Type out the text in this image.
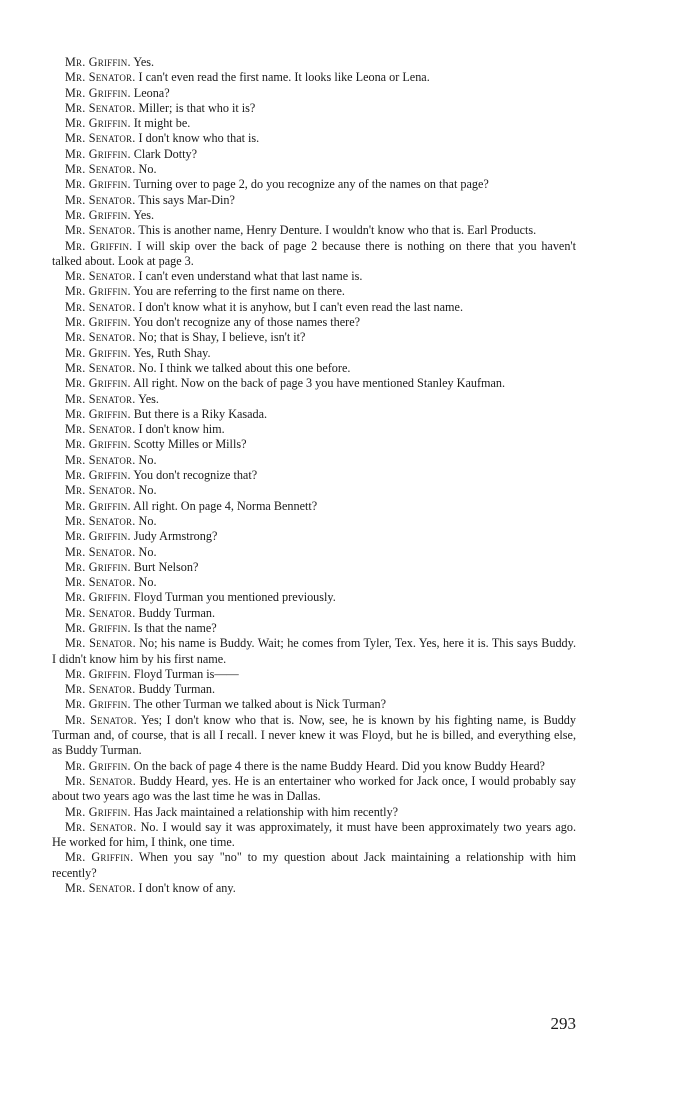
Mr. Griffin. Yes.

Mr. Senator. I can't even read the first name. It looks like Leona or Lena.

Mr. Griffin. Leona?

Mr. Senator. Miller; is that who it is?

Mr. Griffin. It might be.

Mr. Senator. I don't know who that is.

Mr. Griffin. Clark Dotty?

Mr. Senator. No.

Mr. Griffin. Turning over to page 2, do you recognize any of the names on that page?

Mr. Senator. This says Mar-Din?

Mr. Griffin. Yes.

Mr. Senator. This is another name, Henry Denture. I wouldn't know who that is. Earl Products.

Mr. Griffin. I will skip over the back of page 2 because there is nothing on there that you haven't talked about. Look at page 3.

Mr. Senator. I can't even understand what that last name is.

Mr. Griffin. You are referring to the first name on there.

Mr. Senator. I don't know what it is anyhow, but I can't even read the last name.

Mr. Griffin. You don't recognize any of those names there?

Mr. Senator. No; that is Shay, I believe, isn't it?

Mr. Griffin. Yes, Ruth Shay.

Mr. Senator. No. I think we talked about this one before.

Mr. Griffin. All right. Now on the back of page 3 you have mentioned Stanley Kaufman.

Mr. Senator. Yes.

Mr. Griffin. But there is a Riky Kasada.

Mr. Senator. I don't know him.

Mr. Griffin. Scotty Milles or Mills?

Mr. Senator. No.

Mr. Griffin. You don't recognize that?

Mr. Senator. No.

Mr. Griffin. All right. On page 4, Norma Bennett?

Mr. Senator. No.

Mr. Griffin. Judy Armstrong?

Mr. Senator. No.

Mr. Griffin. Burt Nelson?

Mr. Senator. No.

Mr. Griffin. Floyd Turman you mentioned previously.

Mr. Senator. Buddy Turman.

Mr. Griffin. Is that the name?

Mr. Senator. No; his name is Buddy. Wait; he comes from Tyler, Tex. Yes, here it is. This says Buddy. I didn't know him by his first name.

Mr. Griffin. Floyd Turman is——

Mr. Senator. Buddy Turman.

Mr. Griffin. The other Turman we talked about is Nick Turman?

Mr. Senator. Yes; I don't know who that is. Now, see, he is known by his fighting name, is Buddy Turman and, of course, that is all I recall. I never knew it was Floyd, but he is billed, and everything else, as Buddy Turman.

Mr. Griffin. On the back of page 4 there is the name Buddy Heard. Did you know Buddy Heard?

Mr. Senator. Buddy Heard, yes. He is an entertainer who worked for Jack once, I would probably say about two years ago was the last time he was in Dallas.

Mr. Griffin. Has Jack maintained a relationship with him recently?

Mr. Senator. No. I would say it was approximately, it must have been approximately two years ago. He worked for him, I think, one time.

Mr. Griffin. When you say "no" to my question about Jack maintaining a relationship with him recently?

Mr. Senator. I don't know of any.

293
